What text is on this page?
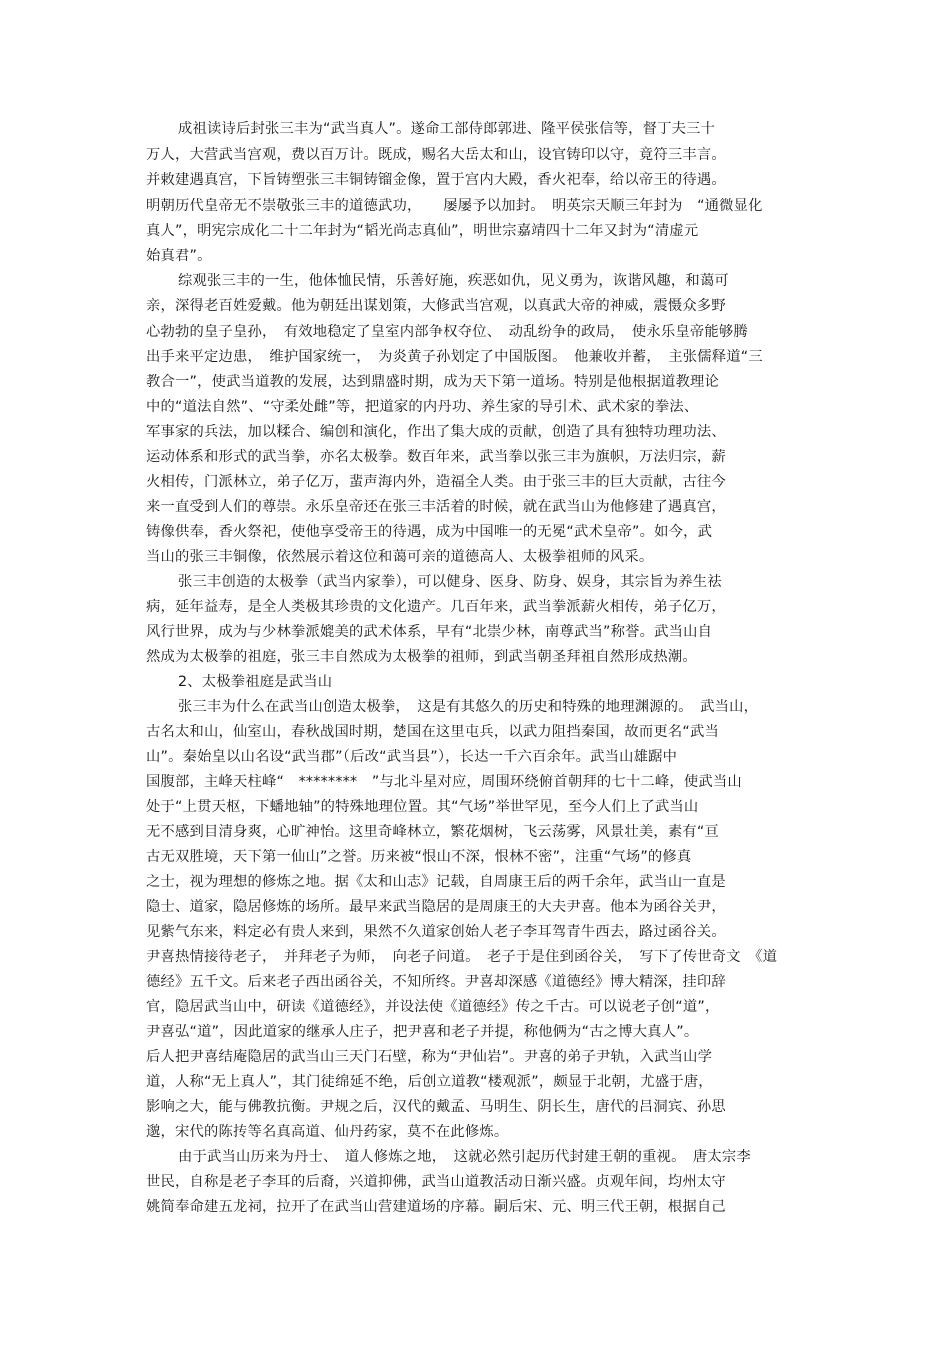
成祖读诗后封张三丰为“武当真人”。遂命工部侍郎郭进、隆平侯张信等，督丁夫三十
万人，大营武当宫观，费以百万计。既成，赐名大岳太和山，设官铸印以守，竟符三丰言。
并敕建遇真宫，下旨铸塑张三丰铜铸镏金像，置于宫内大殿，香火祀奉，给以帝王的待遇。
明朝历代皇帝无不崇敬张三丰的道德武功，　　屡屡予以加封。　明英宗天顺三年封为　“通微显化
真人”，明宪宗成化二十二年封为“韬光尚志真仙”，明世宗嘉靖四十二年又封为“清虚元
始真君”。
综观张三丰的一生，他体恤民情，乐善好施，疾恶如仇，见义勇为，诙谐风趣，和蔼可
亲，深得老百姓爱戴。他为朝廷出谋划策，大修武当宫观，以真武大帝的神威，震慑众多野
心勃勃的皇子皇孙，　有效地稳定了皇室内部争权夺位、　动乱纷争的政局，　使永乐皇帝能够腾
出手来平定边患，　维护国家统一，　为炎黄子孙划定了中国版图。　他兼收并蓄，　主张儒释道“三
教合一”，使武当道教的发展，达到鼎盛时期，成为天下第一道场。特别是他根据道教理论
中的“道法自然”、“守柔处雌”等，把道家的内丹功、养生家的导引术、武术家的拳法、
军事家的兵法，加以糅合、编创和演化，作出了集大成的贡献，创造了具有独特功理功法、
运动体系和形式的武当拳，亦名太极拳。数百年来，武当拳以张三丰为旗帜，万法归宗，薪
火相传，门派林立，弟子亿万，蜚声海内外，造福全人类。由于张三丰的巨大贡献，古往今
来一直受到人们的尊崇。永乐皇帝还在张三丰活着的时候，就在武当山为他修建了遇真宫，
铸像供奉，香火祭祀，使他享受帝王的待遇，成为中国唯一的无冕“武术皇帝”。如今，武
当山的张三丰铜像，依然展示着这位和蔼可亲的道德高人、太极拳祖师的风采。
张三丰创造的太极拳（武当内家拳），可以健身、医身、防身、娱身，其宗旨为养生祛
病，延年益寿，是全人类极其珍贵的文化遗产。几百年来，武当拳派薪火相传，弟子亿万，
风行世界，成为与少林拳派媲美的武术体系，早有“北崇少林，南尊武当”称誉。武当山自
然成为太极拳的祖庭，张三丰自然成为太极拳的祖师，到武当朝圣拜祖自然形成热潮。
2、太极拳祖庭是武当山
张三丰为什么在武当山创造太极拳，　这是有其悠久的历史和特殊的地理渊源的。　武当山，
古名太和山，仙室山，春秋战国时期，楚国在这里屯兵，以武力阻挡秦国，故而更名“武当
山”。秦始皇以山名设“武当郡”（后改“武当县”），长达一千六百余年。武当山雄踞中
国腹部，主峰天柱峰“　********　”与北斗星对应，周围环绕俯首朝拜的七十二峰，使武当山
处于“上贯天枢，下蟠地轴”的特殊地理位置。其“气场”举世罕见，至今人们上了武当山
无不感到目清身爽，心旷神怡。这里奇峰林立，繁花烟树，飞云荡雾，风景壮美，素有“亘
古无双胜境，天下第一仙山”之誉。历来被“恨山不深，恨林不密”，注重“气场”的修真
之士，视为理想的修炼之地。据《太和山志》记载，自周康王后的两千余年，武当山一直是
隐士、道家，隐居修炼的场所。最早来武当隐居的是周康王的大夫尹喜。他本为函谷关尹，
见紫气东来，料定必有贵人来到，果然不久道家创始人老子李耳驾青牛西去，路过函谷关。
尹喜热情接待老子，　并拜老子为师，　向老子问道。　老子于是住到函谷关，　写下了传世奇文　《道
德经》五千文。后来老子西出函谷关，不知所终。尹喜却深感《道德经》博大精深，挂印辞
官，隐居武当山中，研读《道德经》，并设法使《道德经》传之千古。可以说老子创“道”，
尹喜弘“道”，因此道家的继承人庄子，把尹喜和老子并提，称他俩为“古之博大真人”。
后人把尹喜结庵隐居的武当山三天门石壁，称为“尹仙岩”。尹喜的弟子尹轨，入武当山学
道，人称“无上真人”，其门徒绵延不绝，后创立道教“楼观派”，颇显于北朝，尤盛于唐，
影响之大，能与佛教抗衡。尹规之后，汉代的戴孟、马明生、阴长生，唐代的吕洞宾、孙思
邈，宋代的陈抟等名真高道、仙丹药家，莫不在此修炼。
由于武当山历来为丹士、　道人修炼之地，　这就必然引起历代封建王朝的重视。　唐太宗李
世民，自称是老子李耳的后裔，兴道抑佛，武当山道教活动日渐兴盛。贞观年间，均州太守
姚简奉命建五龙祠，拉开了在武当山营建道场的序幕。嗣后宋、元、明三代王朝，根据自己
